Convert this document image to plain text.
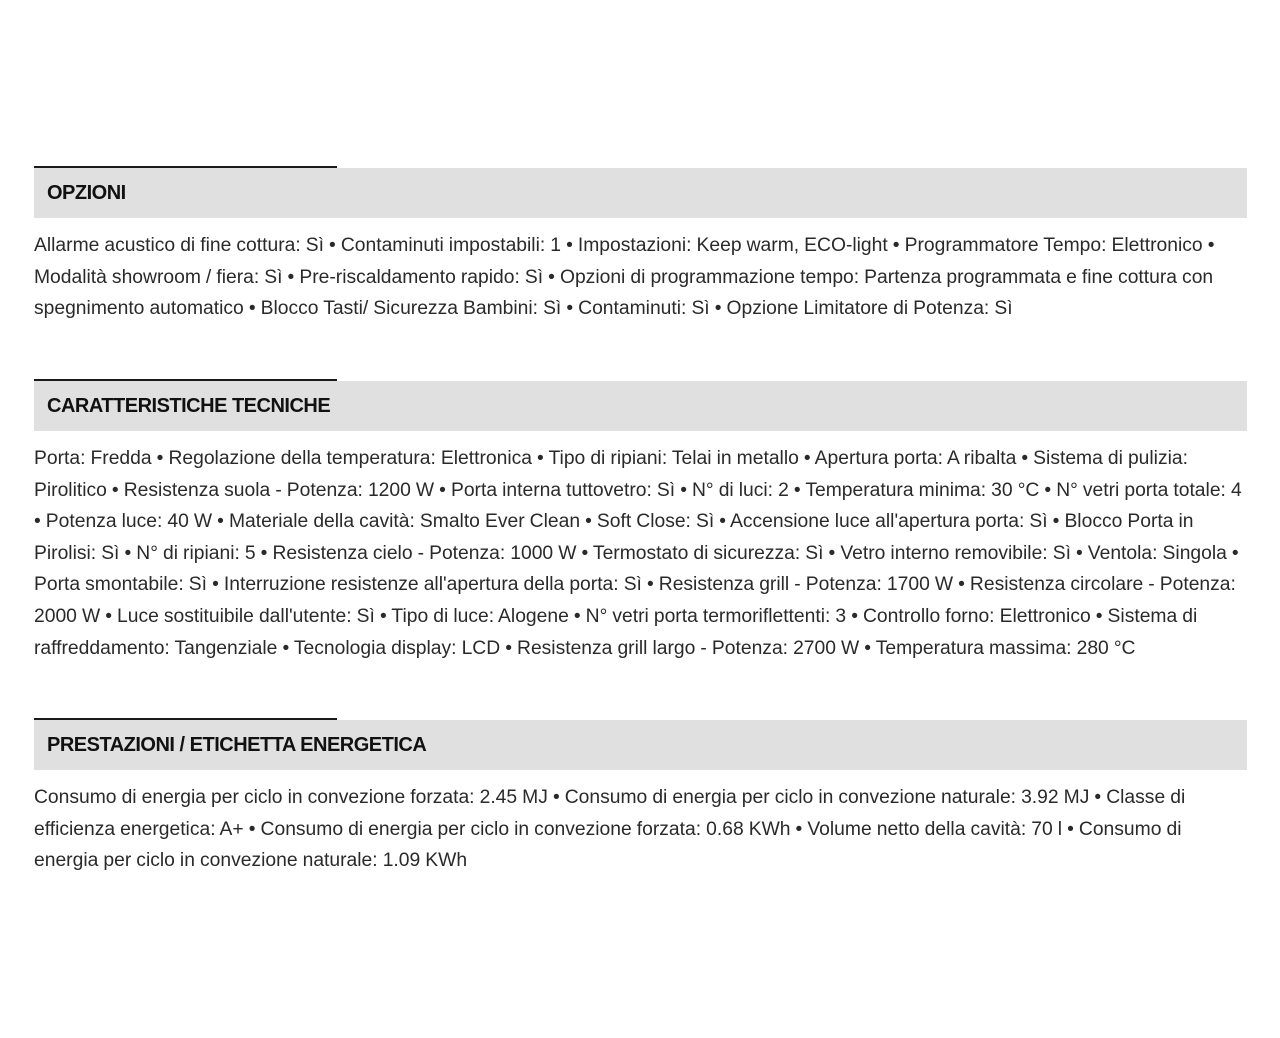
OPZIONI
Allarme acustico di fine cottura: Sì • Contaminuti impostabili: 1 • Impostazioni: Keep warm, ECO-light • Programmatore Tempo: Elettronico • Modalità showroom / fiera: Sì • Pre-riscaldamento rapido: Sì • Opzioni di programmazione tempo: Partenza programmata e fine cottura con spegnimento automatico • Blocco Tasti/ Sicurezza Bambini: Sì • Contaminuti: Sì • Opzione Limitatore di Potenza: Sì
CARATTERISTICHE TECNICHE
Porta: Fredda • Regolazione della temperatura: Elettronica • Tipo di ripiani: Telai in metallo • Apertura porta: A ribalta • Sistema di pulizia: Pirolitico • Resistenza suola - Potenza: 1200 W • Porta interna tuttovetro: Sì • N° di luci: 2 • Temperatura minima: 30 °C • N° vetri porta totale: 4 • Potenza luce: 40 W • Materiale della cavità: Smalto Ever Clean • Soft Close: Sì • Accensione luce all'apertura porta: Sì • Blocco Porta in Pirolisi: Sì • N° di ripiani: 5 • Resistenza cielo - Potenza: 1000 W • Termostato di sicurezza: Sì • Vetro interno removibile: Sì • Ventola: Singola • Porta smontabile: Sì • Interruzione resistenze all'apertura della porta: Sì • Resistenza grill - Potenza: 1700 W • Resistenza circolare - Potenza: 2000 W • Luce sostituibile dall'utente: Sì • Tipo di luce: Alogene • N° vetri porta termoriflettenti: 3 • Controllo forno: Elettronico • Sistema di raffreddamento: Tangenziale • Tecnologia display: LCD • Resistenza grill largo - Potenza: 2700 W • Temperatura massima: 280 °C
PRESTAZIONI / ETICHETTA ENERGETICA
Consumo di energia per ciclo in convezione forzata: 2.45 MJ • Consumo di energia per ciclo in convezione naturale: 3.92 MJ • Classe di efficienza energetica: A+ • Consumo di energia per ciclo in convezione forzata: 0.68 KWh • Volume netto della cavità: 70 l • Consumo di energia per ciclo in convezione naturale: 1.09 KWh
